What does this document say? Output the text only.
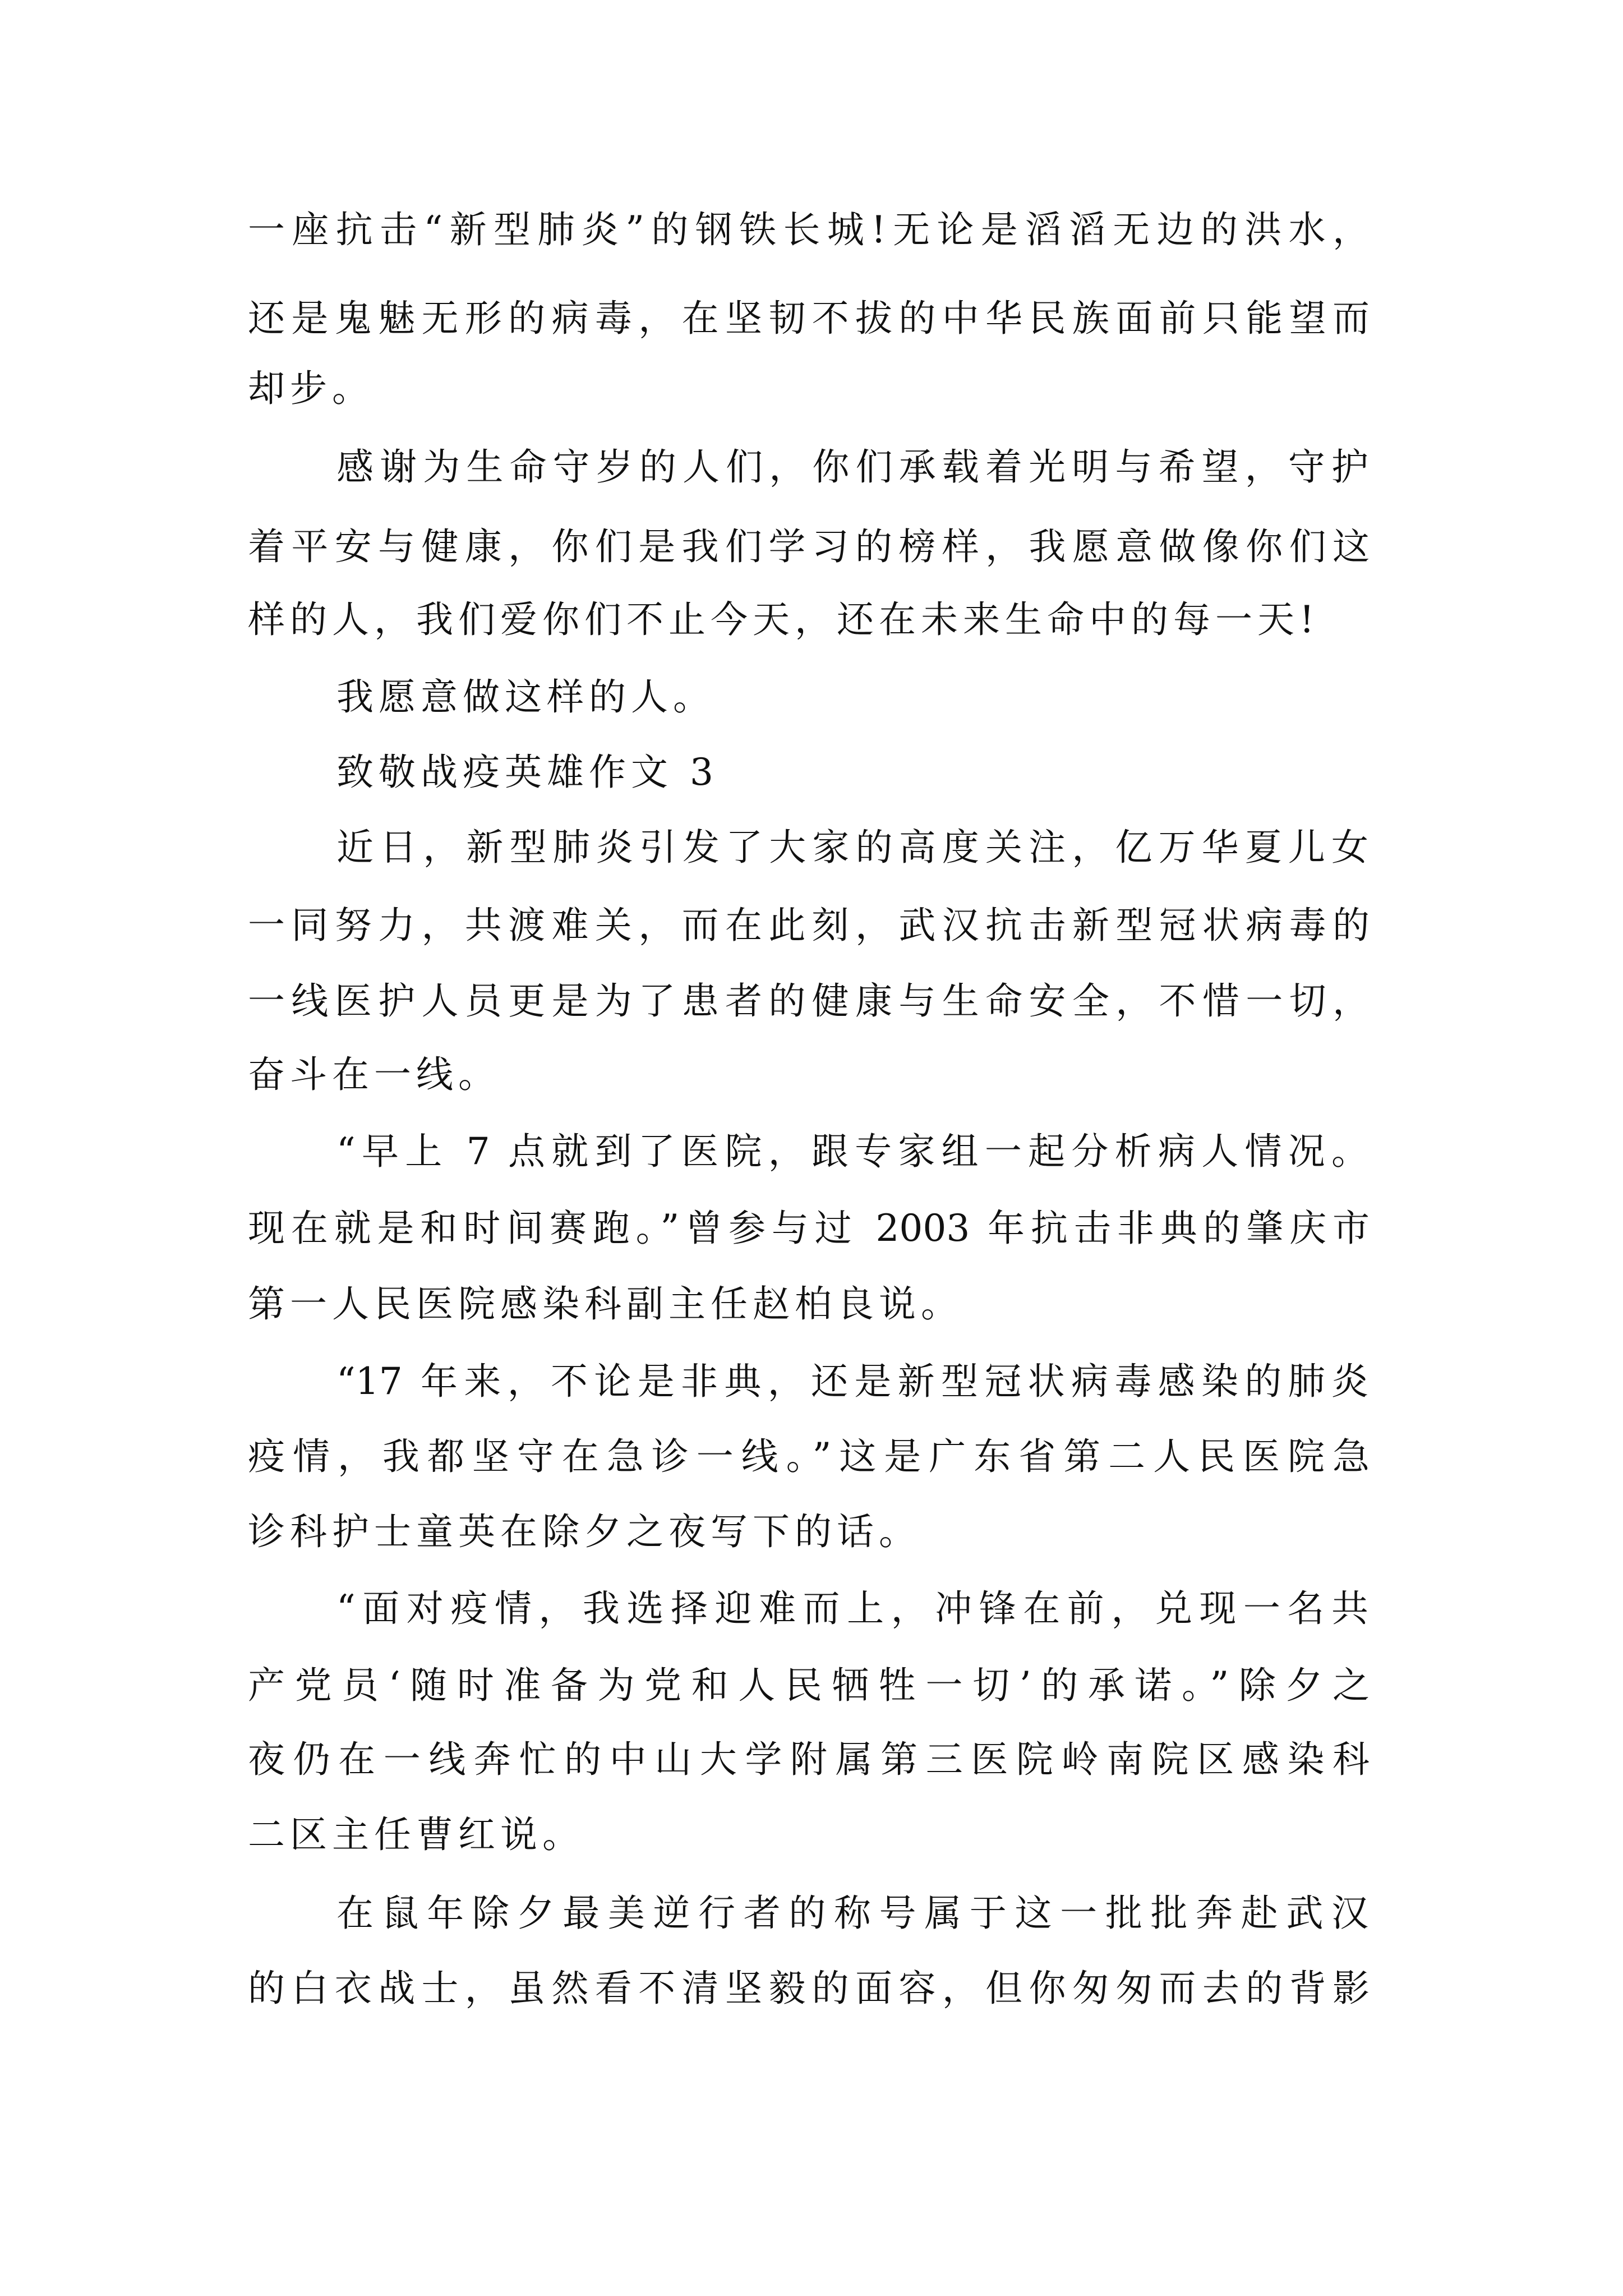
一座抗击“新型肺炎”的钢铁长城!无论是滔滔无边的洪水，
还是鬼魅无形的病毒，在坚韧不拔的中华民族面前只能望而
却步。
感谢为生命守岁的人们，你们承载着光明与希望，守护
着平安与健康，你们是我们学习的榜样，我愿意做像你们这
样的人，我们爱你们不止今天，还在未来生命中的每一天!
我愿意做这样的人。
致敬战疫英雄作文 3
近日，新型肺炎引发了大家的高度关注，亿万华夏儿女
一同努力，共渡难关，而在此刻，武汉抗击新型冠状病毒的
一线医护人员更是为了患者的健康与生命安全，不惜一切，
奋斗在一线。
“早上 7 点就到了医院，跟专家组一起分析病人情况。
现在就是和时间赛跑。”曾参与过 2003 年抗击非典的肇庆市
第一人民医院感染科副主任赵柏良说。
“17 年来，不论是非典，还是新型冠状病毒感染的肺炎
疫情，我都坚守在急诊一线。”这是广东省第二人民医院急
诊科护士童英在除夕之夜写下的话。
“面对疫情，我选择迎难而上，冲锋在前，兑现一名共
产党员‘随时准备为党和人民牺牲一切’的承诺。”除夕之
夜仍在一线奔忙的中山大学附属第三医院岭南院区感染科
二区主任曹红说。
在鼠年除夕最美逆行者的称号属于这一批批奔赴武汉
的白衣战士，虽然看不清坚毅的面容，但你匆匆而去的背影
